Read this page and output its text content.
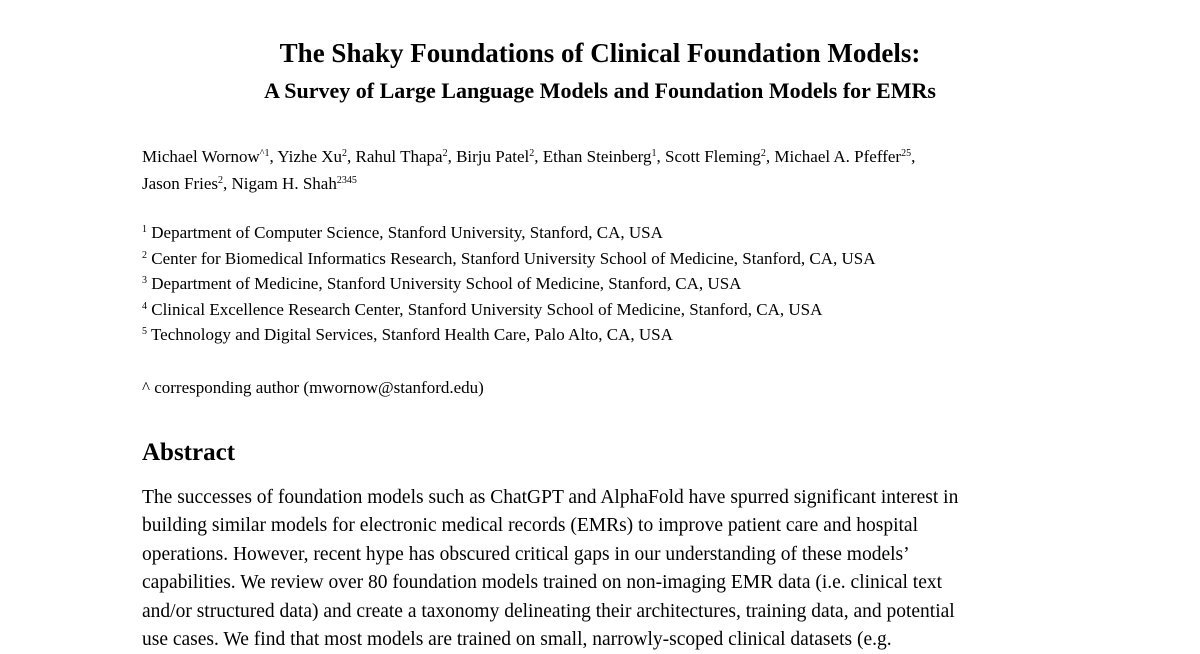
The Shaky Foundations of Clinical Foundation Models:
A Survey of Large Language Models and Foundation Models for EMRs
Michael Wornow$^{\^{}1}$, Yizhe Xu$^2$, Rahul Thapa$^2$, Birju Patel$^2$, Ethan Steinberg$^1$, Scott Fleming$^2$, Michael A. Pfeffer$^{25}$,
Jason Fries$^2$, Nigam H. Shah$^{2345}$
$^1$ Department of Computer Science, Stanford University, Stanford, CA, USA
$^2$ Center for Biomedical Informatics Research, Stanford University School of Medicine, Stanford, CA, USA
$^3$ Department of Medicine, Stanford University School of Medicine, Stanford, CA, USA
$^4$ Clinical Excellence Research Center, Stanford University School of Medicine, Stanford, CA, USA
$^5$ Technology and Digital Services, Stanford Health Care, Palo Alto, CA, USA
^ corresponding author (mwornow@stanford.edu)
Abstract
The successes of foundation models such as ChatGPT and AlphaFold have spurred significant interest in
building similar models for electronic medical records (EMRs) to improve patient care and hospital
operations. However, recent hype has obscured critical gaps in our understanding of these models’
capabilities. We review over 80 foundation models trained on non-imaging EMR data (i.e. clinical text
and/or structured data) and create a taxonomy delineating their architectures, training data, and potential
use cases. We find that most models are trained on small, narrowly-scoped clinical datasets (e.g.
